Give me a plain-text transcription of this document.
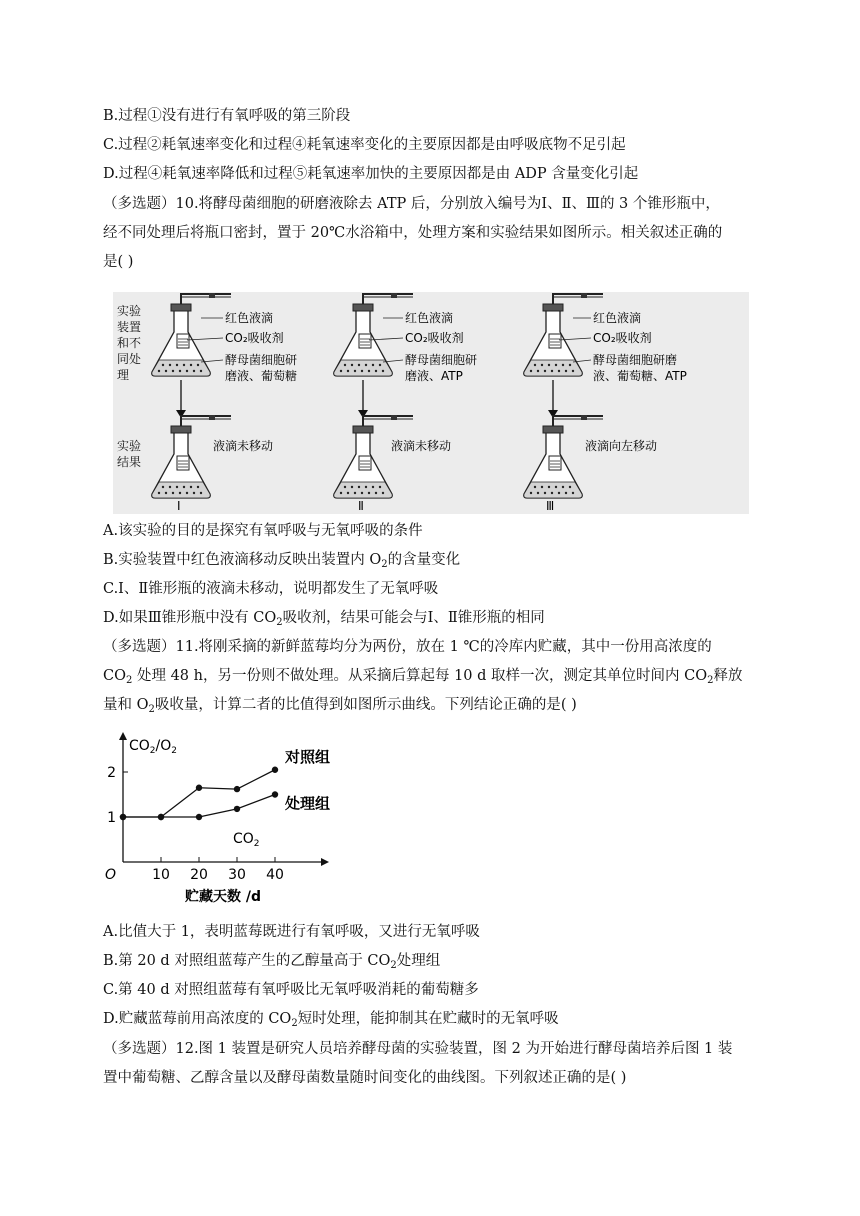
B.过程①没有进行有氧呼吸的第三阶段
C.过程②耗氧速率变化和过程④耗氧速率变化的主要原因都是由呼吸底物不足引起
D.过程④耗氧速率降低和过程⑤耗氧速率加快的主要原因都是由 ADP 含量变化引起
（多选题）10.将酵母菌细胞的研磨液除去 ATP 后，分别放入编号为Ⅰ、Ⅱ、Ⅲ的 3 个锥形瓶中，
经不同处理后将瓶口密封，置于 20℃水浴箱中，处理方案和实验结果如图所示。相关叙述正确的
是( )
实验
装置
和不
同处
理
实验
结果
红色液滴
CO₂吸收剂
酵母菌细胞研
磨液、葡萄糖
液滴未移动
Ⅰ
红色液滴
CO₂吸收剂
酵母菌细胞研
磨液、ATP
液滴未移动
Ⅱ
红色液滴
CO₂吸收剂
酵母菌细胞研磨
液、葡萄糖、ATP
液滴向左移动
Ⅲ
A.该实验的目的是探究有氧呼吸与无氧呼吸的条件
B.实验装置中红色液滴移动反映出装置内 $O_2$的含量变化
C.Ⅰ、Ⅱ锥形瓶的液滴未移动，说明都发生了无氧呼吸
D.如果Ⅲ锥形瓶中没有 $CO_2$吸收剂，结果可能会与Ⅰ、Ⅱ锥形瓶的相同
（多选题）11.将刚采摘的新鲜蓝莓均分为两份，放在 1 ℃的冷库内贮藏，其中一份用高浓度的
$CO_2$ 处理 48 h，另一份则不做处理。从采摘后算起每 10 d 取样一次，测定其单位时间内 $CO_2$释放
量和 $O_2$吸收量，计算二者的比值得到如图所示曲线。下列结论正确的是( )
$CO_2/O_2$
O
贮藏天数 /d
10 20 30 40
1
2
对照组
处理组
$CO_2$
A.比值大于 1，表明蓝莓既进行有氧呼吸，又进行无氧呼吸
B.第 20 d 对照组蓝莓产生的乙醇量高于 $CO_2$处理组
C.第 40 d 对照组蓝莓有氧呼吸比无氧呼吸消耗的葡萄糖多
D.贮藏蓝莓前用高浓度的 $CO_2$短时处理，能抑制其在贮藏时的无氧呼吸
（多选题）12.图 1 装置是研究人员培养酵母菌的实验装置，图 2 为开始进行酵母菌培养后图 1 装
置中葡萄糖、乙醇含量以及酵母菌数量随时间变化的曲线图。下列叙述正确的是( )
